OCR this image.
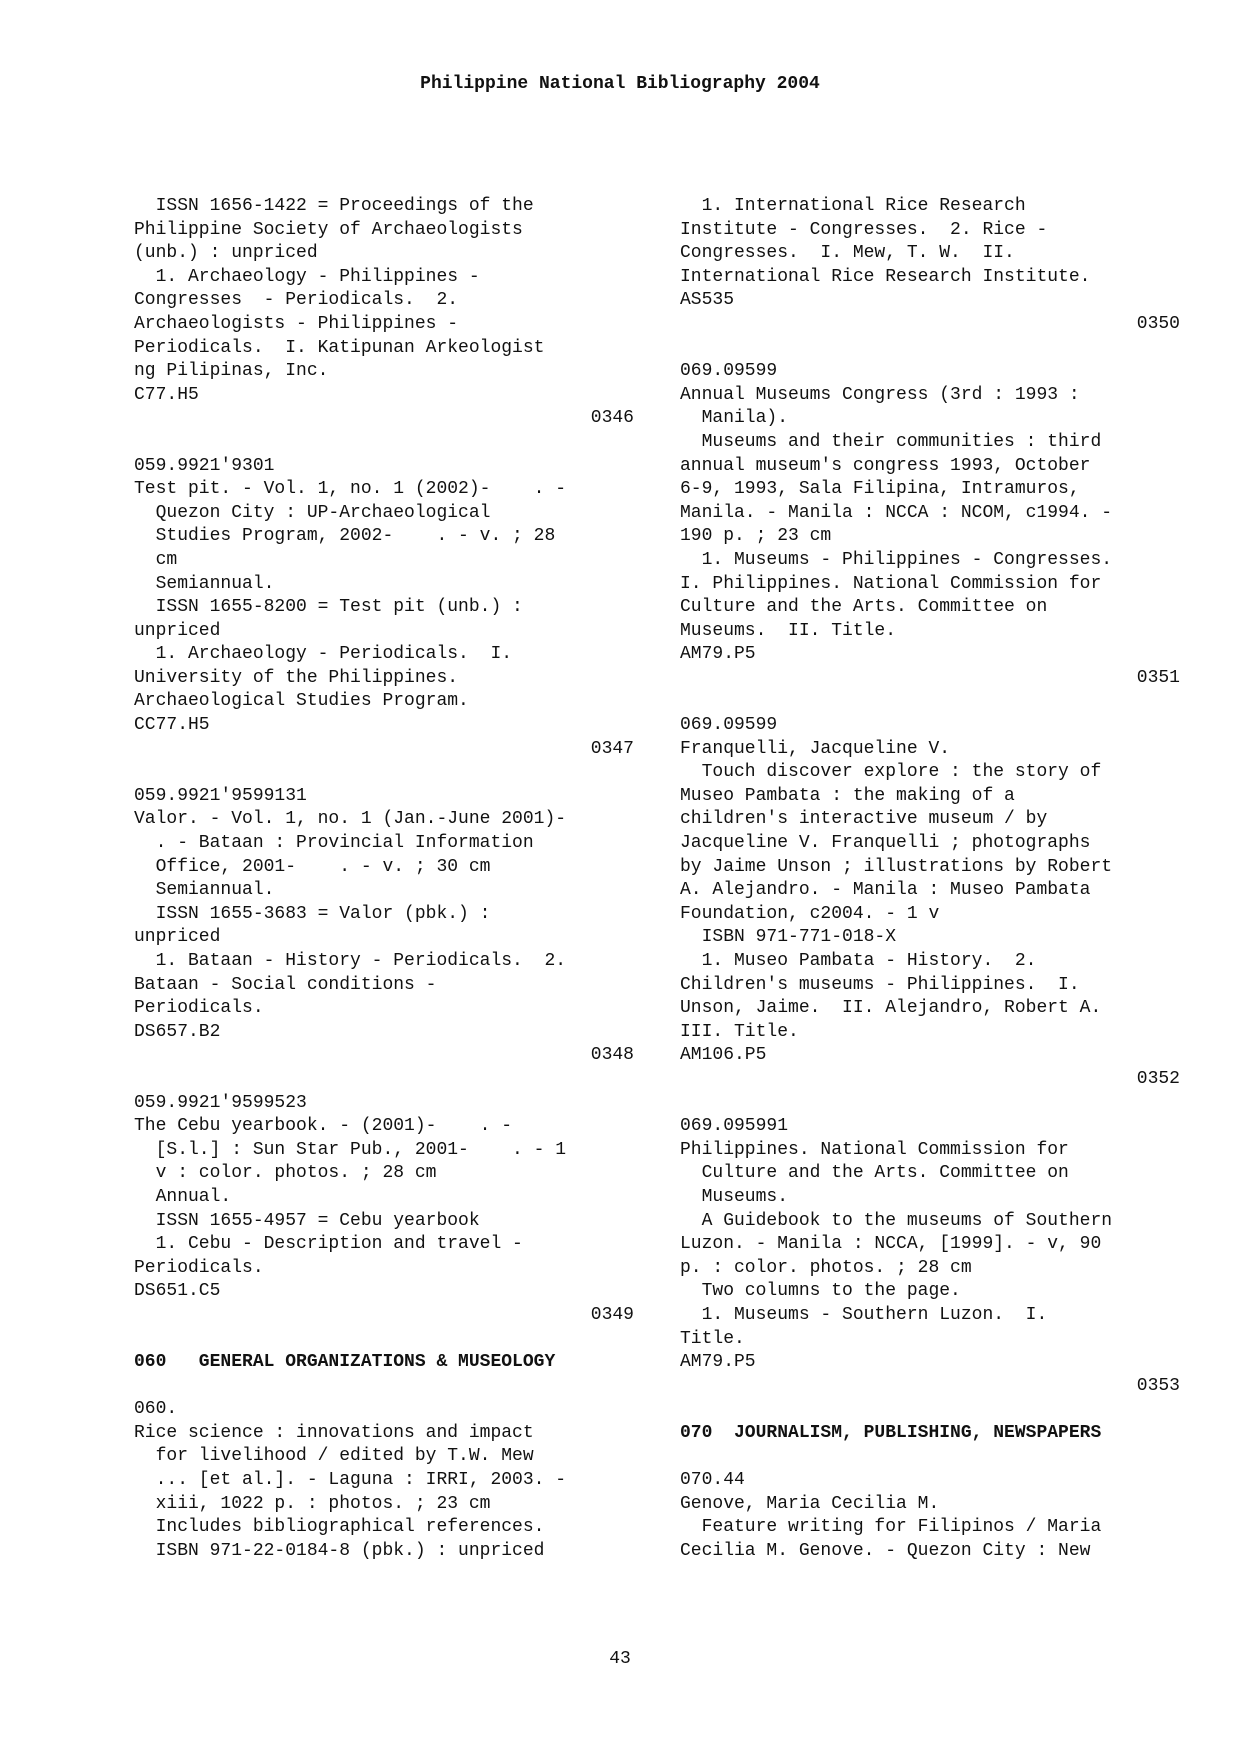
Philippine National Bibliography 2004
ISSN 1656-1422 = Proceedings of the
Philippine Society of Archaeologists
(unb.) : unpriced
1. Archaeology - Philippines -
Congresses  - Periodicals.  2.
Archaeologists - Philippines -
Periodicals.  I. Katipunan Arkeologist
ng Pilipinas, Inc.
C77.H5
0346
059.9921'9301
Test pit. - Vol. 1, no. 1 (2002)-    . -
Quezon City : UP-Archaeological
Studies Program, 2002-    . - v. ; 28
cm
Semiannual.
ISSN 1655-8200 = Test pit (unb.) :
unpriced
1. Archaeology - Periodicals.  I.
University of the Philippines.
Archaeological Studies Program.
CC77.H5
0347
059.9921'9599131
Valor. - Vol. 1, no. 1 (Jan.-June 2001)-
. - Bataan : Provincial Information
Office, 2001-    . - v. ; 30 cm
Semiannual.
ISSN 1655-3683 = Valor (pbk.) :
unpriced
1. Bataan - History - Periodicals.  2.
Bataan - Social conditions -
Periodicals.
DS657.B2
0348
059.9921'9599523
The Cebu yearbook. - (2001)-    . -
[S.l.] : Sun Star Pub., 2001-    . - 1
v : color. photos. ; 28 cm
Annual.
ISSN 1655-4957 = Cebu yearbook
1. Cebu - Description and travel -
Periodicals.
DS651.C5
0349
060   GENERAL ORGANIZATIONS & MUSEOLOGY
060.
Rice science : innovations and impact
for livelihood / edited by T.W. Mew
... [et al.]. - Laguna : IRRI, 2003. -
xiii, 1022 p. : photos. ; 23 cm
Includes bibliographical references.
ISBN 971-22-0184-8 (pbk.) : unpriced
1. International Rice Research
Institute - Congresses.  2. Rice -
Congresses.  I. Mew, T. W.  II.
International Rice Research Institute.
AS535
0350
069.09599
Annual Museums Congress (3rd : 1993 :
Manila).
Museums and their communities : third
annual museum's congress 1993, October
6-9, 1993, Sala Filipina, Intramuros,
Manila. - Manila : NCCA : NCOM, c1994. -
190 p. ; 23 cm
1. Museums - Philippines - Congresses.
I. Philippines. National Commission for
Culture and the Arts. Committee on
Museums.  II. Title.
AM79.P5
0351
069.09599
Franquelli, Jacqueline V.
Touch discover explore : the story of
Museo Pambata : the making of a
children's interactive museum / by
Jacqueline V. Franquelli ; photographs
by Jaime Unson ; illustrations by Robert
A. Alejandro. - Manila : Museo Pambata
Foundation, c2004. - 1 v
ISBN 971-771-018-X
1. Museo Pambata - History.  2.
Children's museums - Philippines.  I.
Unson, Jaime.  II. Alejandro, Robert A.
III. Title.
AM106.P5
0352
069.095991
Philippines. National Commission for
Culture and the Arts. Committee on
Museums.
A Guidebook to the museums of Southern
Luzon. - Manila : NCCA, [1999]. - v, 90
p. : color. photos. ; 28 cm
Two columns to the page.
1. Museums - Southern Luzon.  I.
Title.
AM79.P5
0353
070  JOURNALISM, PUBLISHING, NEWSPAPERS
070.44
Genove, Maria Cecilia M.
Feature writing for Filipinos / Maria
Cecilia M. Genove. - Quezon City : New
43
